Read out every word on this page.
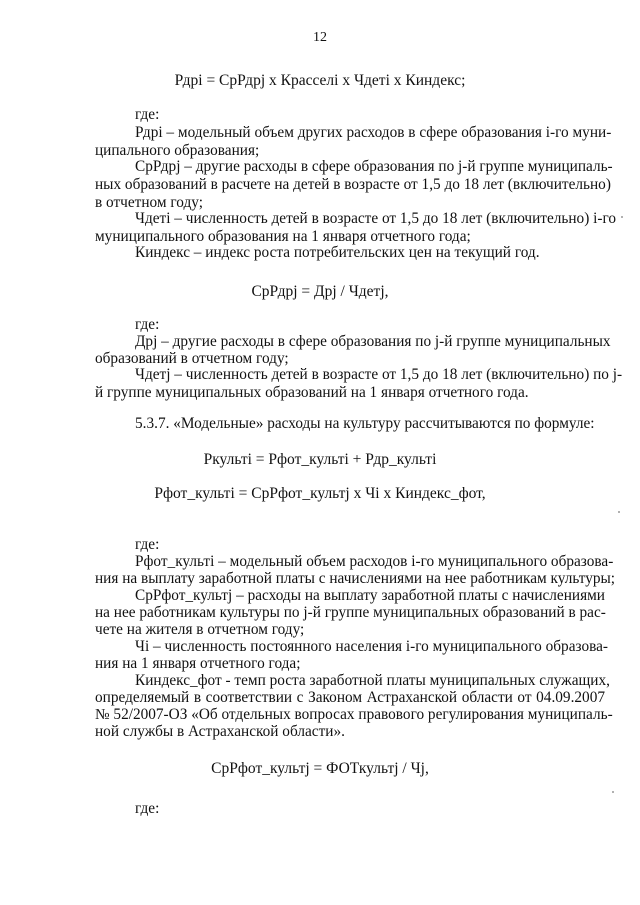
12
Рдрi = СрРдрj х Красселi х Чдетi х Киндекс;
где:
Рдрi – модельный объем других расходов в сфере образования i-го муни-
ципального образования;
СрРдрj – другие расходы в сфере образования по j-й группе муниципаль-
ных образований в расчете на детей в возрасте от 1,5 до 18 лет (включительно)
в отчетном году;
Чдетi – численность детей в возрасте от 1,5 до 18 лет (включительно) i-го
муниципального образования на 1 января отчетного года;
Киндекс – индекс роста потребительских цен на текущий год.
СрРдрj = Дрj / Чдетj,
где:
Дрj – другие расходы в сфере образования по j-й группе муниципальных
образований в отчетном году;
Чдетj – численность детей в возрасте от 1,5 до 18 лет (включительно) по j-
й группе муниципальных образований на 1 января отчетного года.
5.3.7. «Модельные» расходы на культуру рассчитываются по формуле:
Ркультi = Рфот_культi + Рдр_культi
Рфот_культi = СрРфот_культj х Чi х Киндекс_фот,
где:
Рфот_культi – модельный объем расходов i-го муниципального образова-
ния на выплату заработной платы с начислениями на нее работникам культуры;
СрРфот_культj – расходы на выплату заработной платы с начислениями
на нее работникам культуры по j-й группе муниципальных образований в рас-
чете на жителя в отчетном году;
Чi – численность постоянного населения i-го муниципального образова-
ния на 1 января отчетного года;
Киндекс_фот - темп роста заработной платы муниципальных служащих,
определяемый в соответствии с Законом Астраханской области от 04.09.2007
№ 52/2007-ОЗ «Об отдельных вопросах правового регулирования муниципаль-
ной службы в Астраханской области».
СрРфот_культj = ФОТкультj / Чj,
где:
